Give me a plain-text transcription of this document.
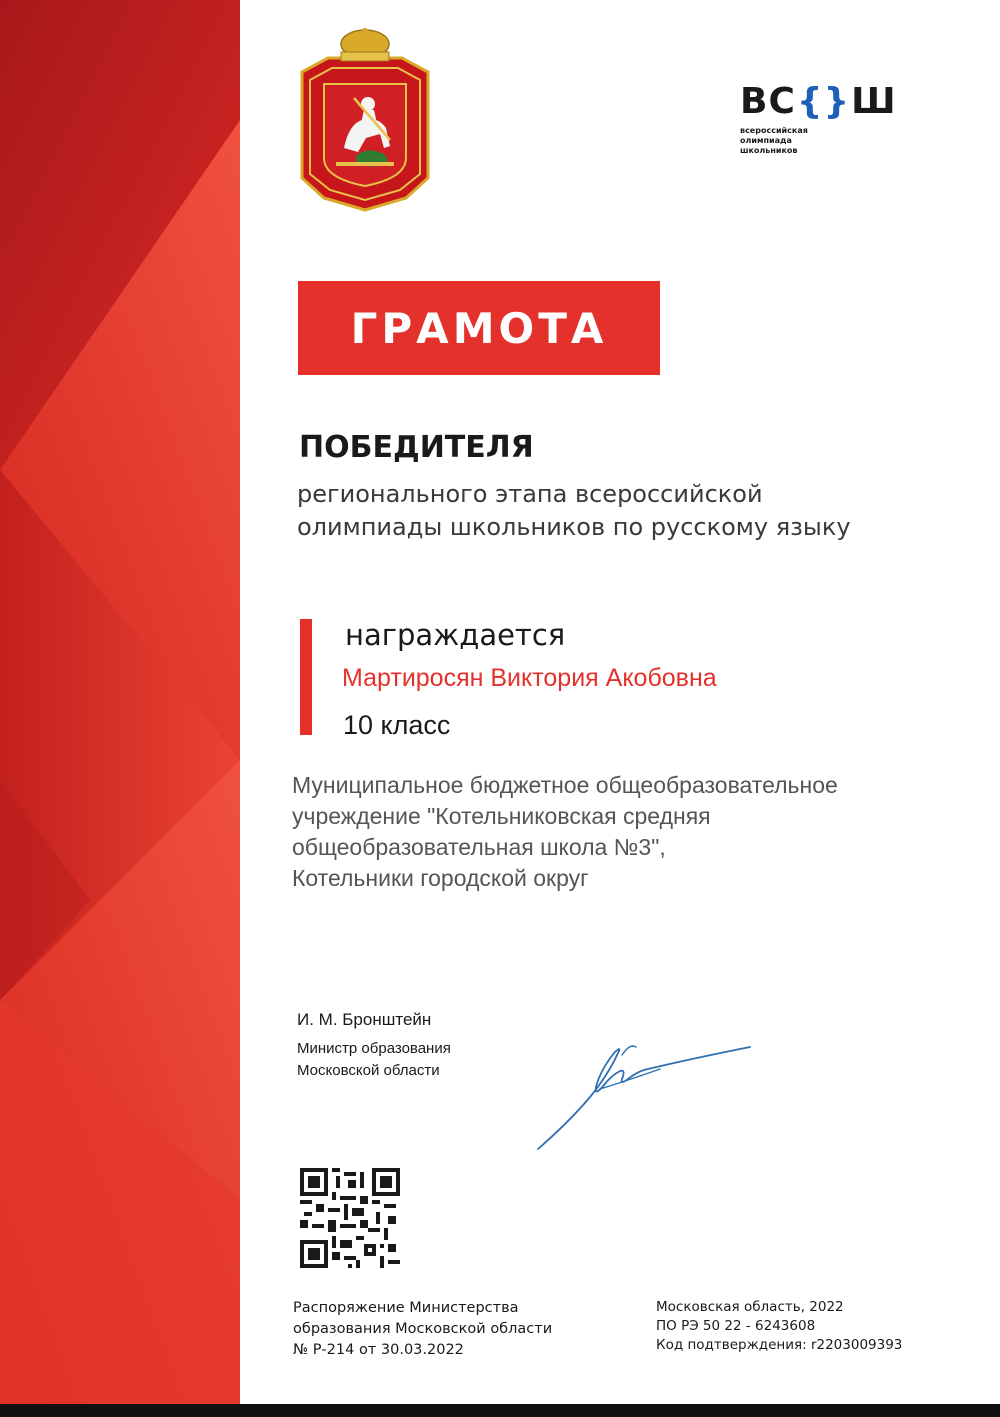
ВС {} Ш
всероссийская
олимпиада
школьников
ГРАМОТА
ПОБЕДИТЕЛЯ
регионального этапа всероссийской
олимпиады школьников по русскому языку
награждается
Мартиросян Виктория Акобовна
10 класс
Муниципальное бюджетное общеобразовательное
учреждение "Котельниковская средняя
общеобразовательная школа №3",
Котельники городской округ
И. М. Бронштейн
Министр образования
Московской области
Распоряжение Министерства
образования Московской области
№ Р-214 от 30.03.2022
Московская область, 2022
ПО РЭ 50 22 - 6243608
Код подтверждения: r2203009393
